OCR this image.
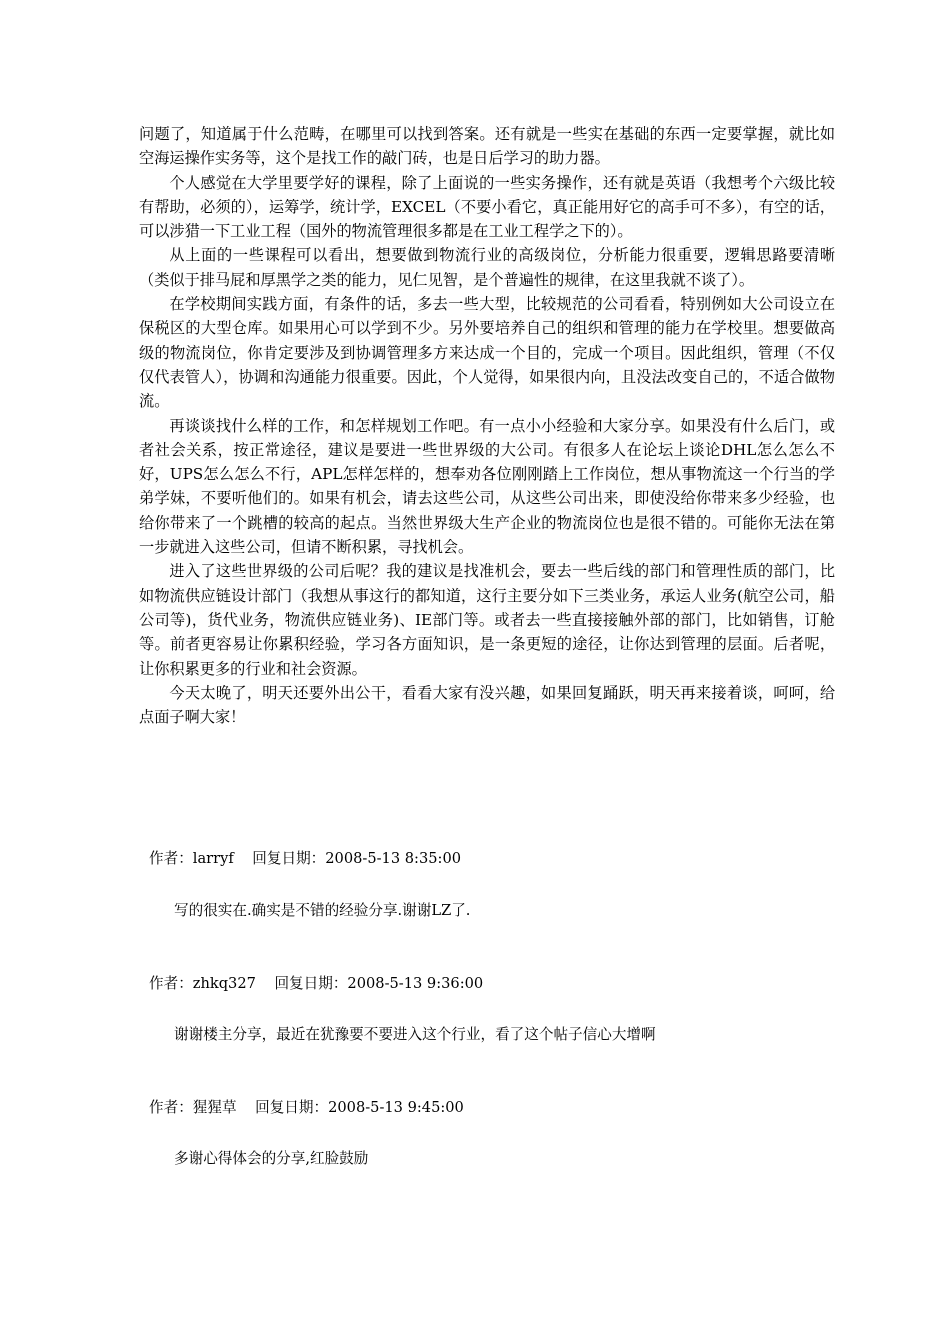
问题了，知道属于什么范畴，在哪里可以找到答案。还有就是一些实在基础的东西一定要掌握，就比如空海运操作实务等，这个是找工作的敲门砖，也是日后学习的助力器。

个人感觉在大学里要学好的课程，除了上面说的一些实务操作，还有就是英语（我想考个六级比较有帮助，必须的），运筹学，统计学，EXCEL（不要小看它，真正能用好它的高手可不多），有空的话，可以涉猎一下工业工程（国外的物流管理很多都是在工业工程学之下的）。

从上面的一些课程可以看出，想要做到物流行业的高级岗位，分析能力很重要，逻辑思路要清晰（类似于排马屁和厚黑学之类的能力，见仁见智，是个普遍性的规律，在这里我就不谈了）。

在学校期间实践方面，有条件的话，多去一些大型，比较规范的公司看看，特别例如大公司设立在保税区的大型仓库。如果用心可以学到不少。另外要培养自己的组织和管理的能力在学校里。想要做高级的物流岗位，你肯定要涉及到协调管理多方来达成一个目的，完成一个项目。因此组织，管理（不仅仅代表管人），协调和沟通能力很重要。因此，个人觉得，如果很内向，且没法改变自己的，不适合做物流。

再谈谈找什么样的工作，和怎样规划工作吧。有一点小小经验和大家分享。如果没有什么后门，或者社会关系，按正常途径，建议是要进一些世界级的大公司。有很多人在论坛上谈论DHL怎么怎么不好，UPS怎么怎么不行，APL怎样怎样的，想奉劝各位刚刚踏上工作岗位，想从事物流这一个行当的学弟学妹，不要听他们的。如果有机会，请去这些公司，从这些公司出来，即使没给你带来多少经验，也给你带来了一个跳槽的较高的起点。当然世界级大生产企业的物流岗位也是很不错的。可能你无法在第一步就进入这些公司，但请不断积累，寻找机会。

进入了这些世界级的公司后呢？我的建议是找准机会，要去一些后线的部门和管理性质的部门，比如物流供应链设计部门（我想从事这行的都知道，这行主要分如下三类业务，承运人业务(航空公司，船公司等)，货代业务，物流供应链业务)、IE部门等。或者去一些直接接触外部的部门，比如销售，订舱等。前者更容易让你累积经验，学习各方面知识，是一条更短的途径，让你达到管理的层面。后者呢，让你积累更多的行业和社会资源。

今天太晚了，明天还要外出公干，看看大家有没兴趣，如果回复踊跃，明天再来接着谈，呵呵，给点面子啊大家！

作者：larryf    回复日期：2008-5-13 8:35:00
写的很实在.确实是不错的经验分享.谢谢LZ了.
作者：zhkq327    回复日期：2008-5-13 9:36:00
谢谢楼主分享，最近在犹豫要不要进入这个行业，看了这个帖子信心大增啊
作者：猩猩草    回复日期：2008-5-13 9:45:00
多谢心得体会的分享,红脸鼓励
